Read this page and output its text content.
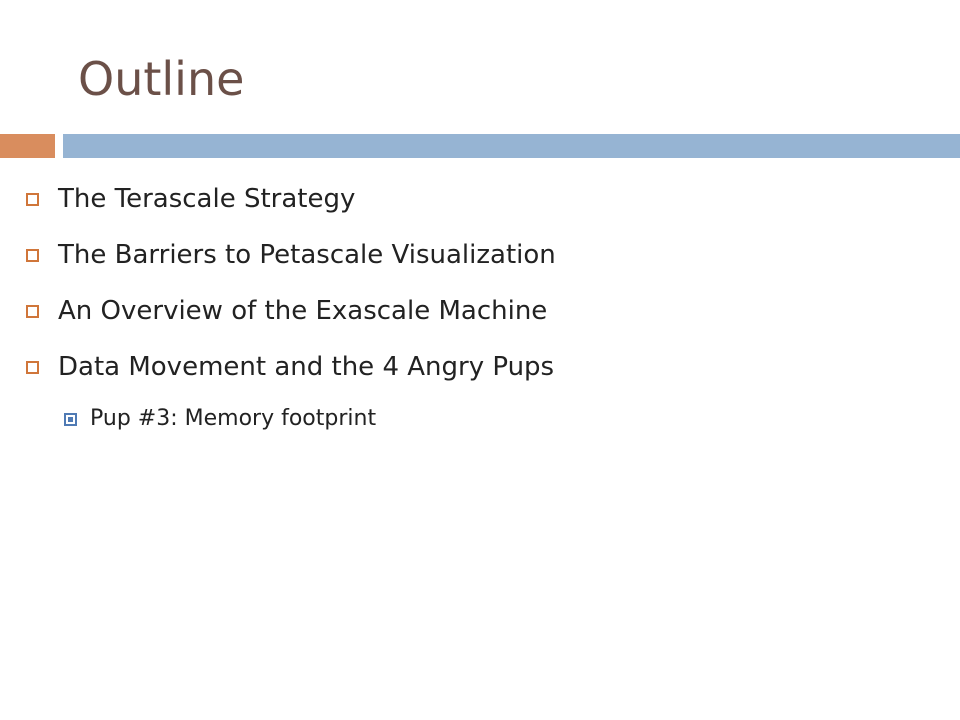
Outline
The Terascale Strategy
The Barriers to Petascale Visualization
An Overview of the Exascale Machine
Data Movement and the 4 Angry Pups
Pup #3: Memory footprint
